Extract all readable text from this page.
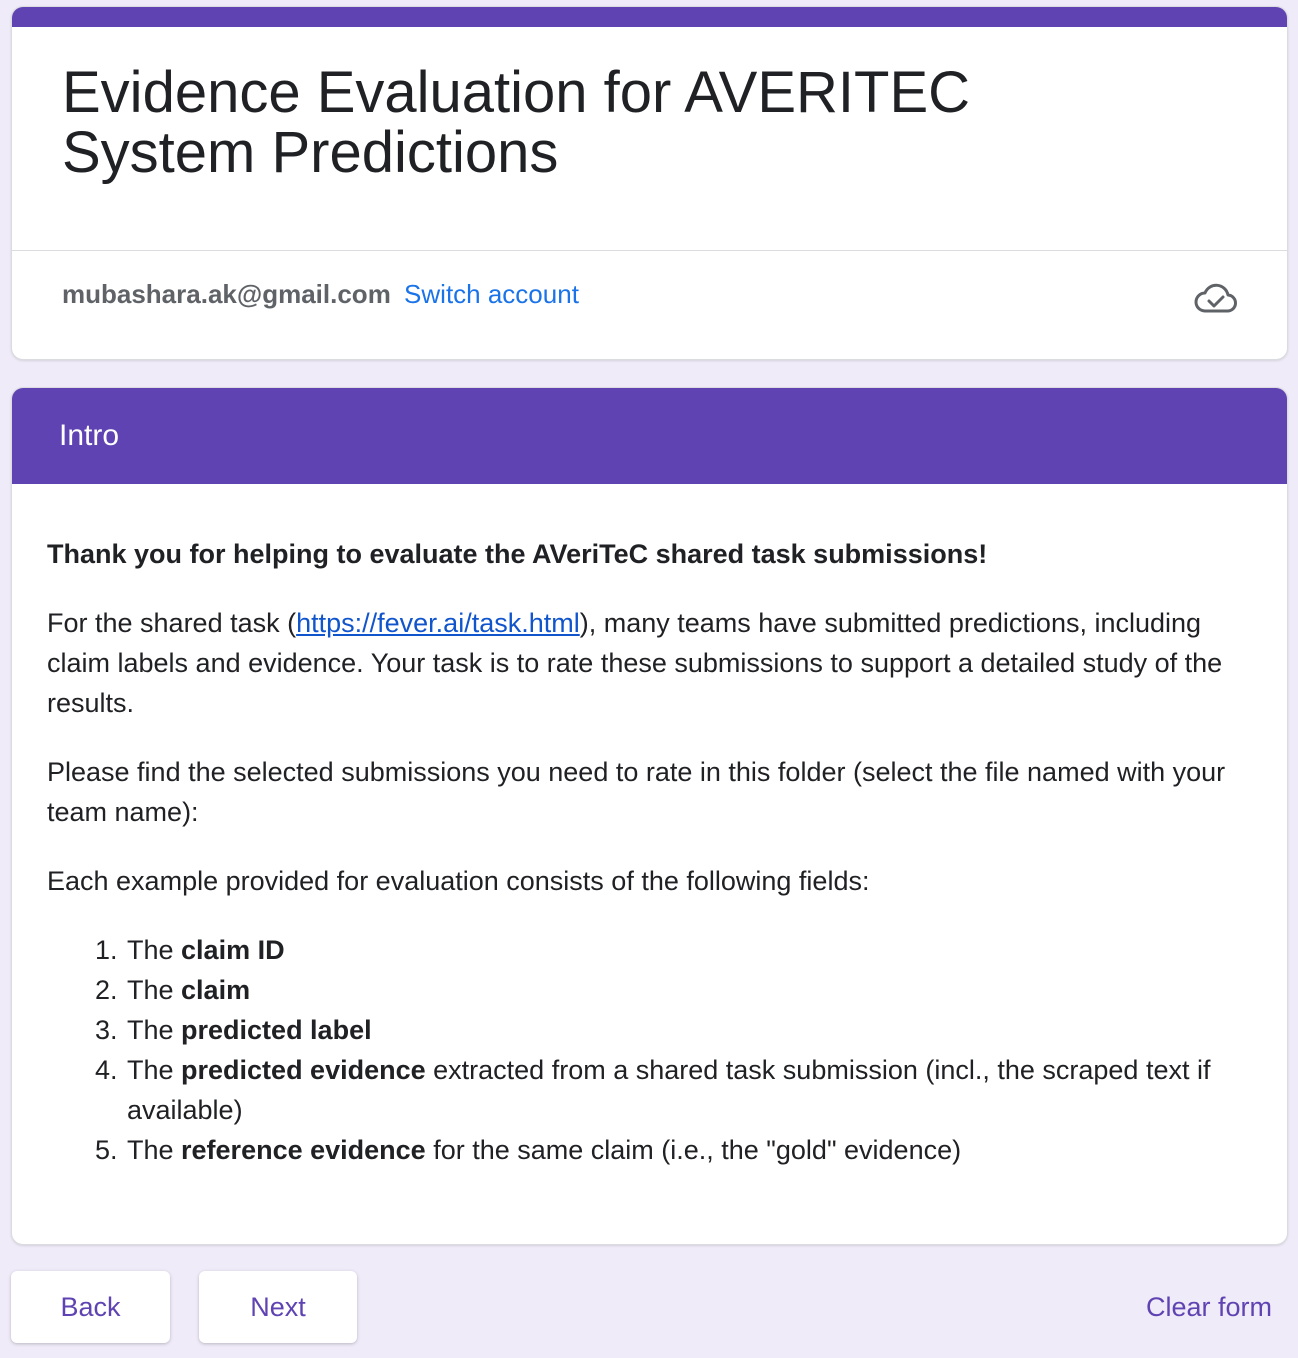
Evidence Evaluation for AVERITEC System Predictions
mubashara.ak@gmail.com Switch account
Intro

Thank you for helping to evaluate the AVeriTeC shared task submissions!

For the shared task (https://fever.ai/task.html), many teams have submitted predictions, including claim labels and evidence. Your task is to rate these submissions to support a detailed study of the results.

Please find the selected submissions you need to rate in this folder (select the file named with your team name):

Each example provided for evaluation consists of the following fields:

1. The claim ID
2. The claim
3. The predicted label
4. The predicted evidence extracted from a shared task submission (incl., the scraped text if available)
5. The reference evidence for the same claim (i.e., the "gold" evidence)
Back	Next	Clear form
